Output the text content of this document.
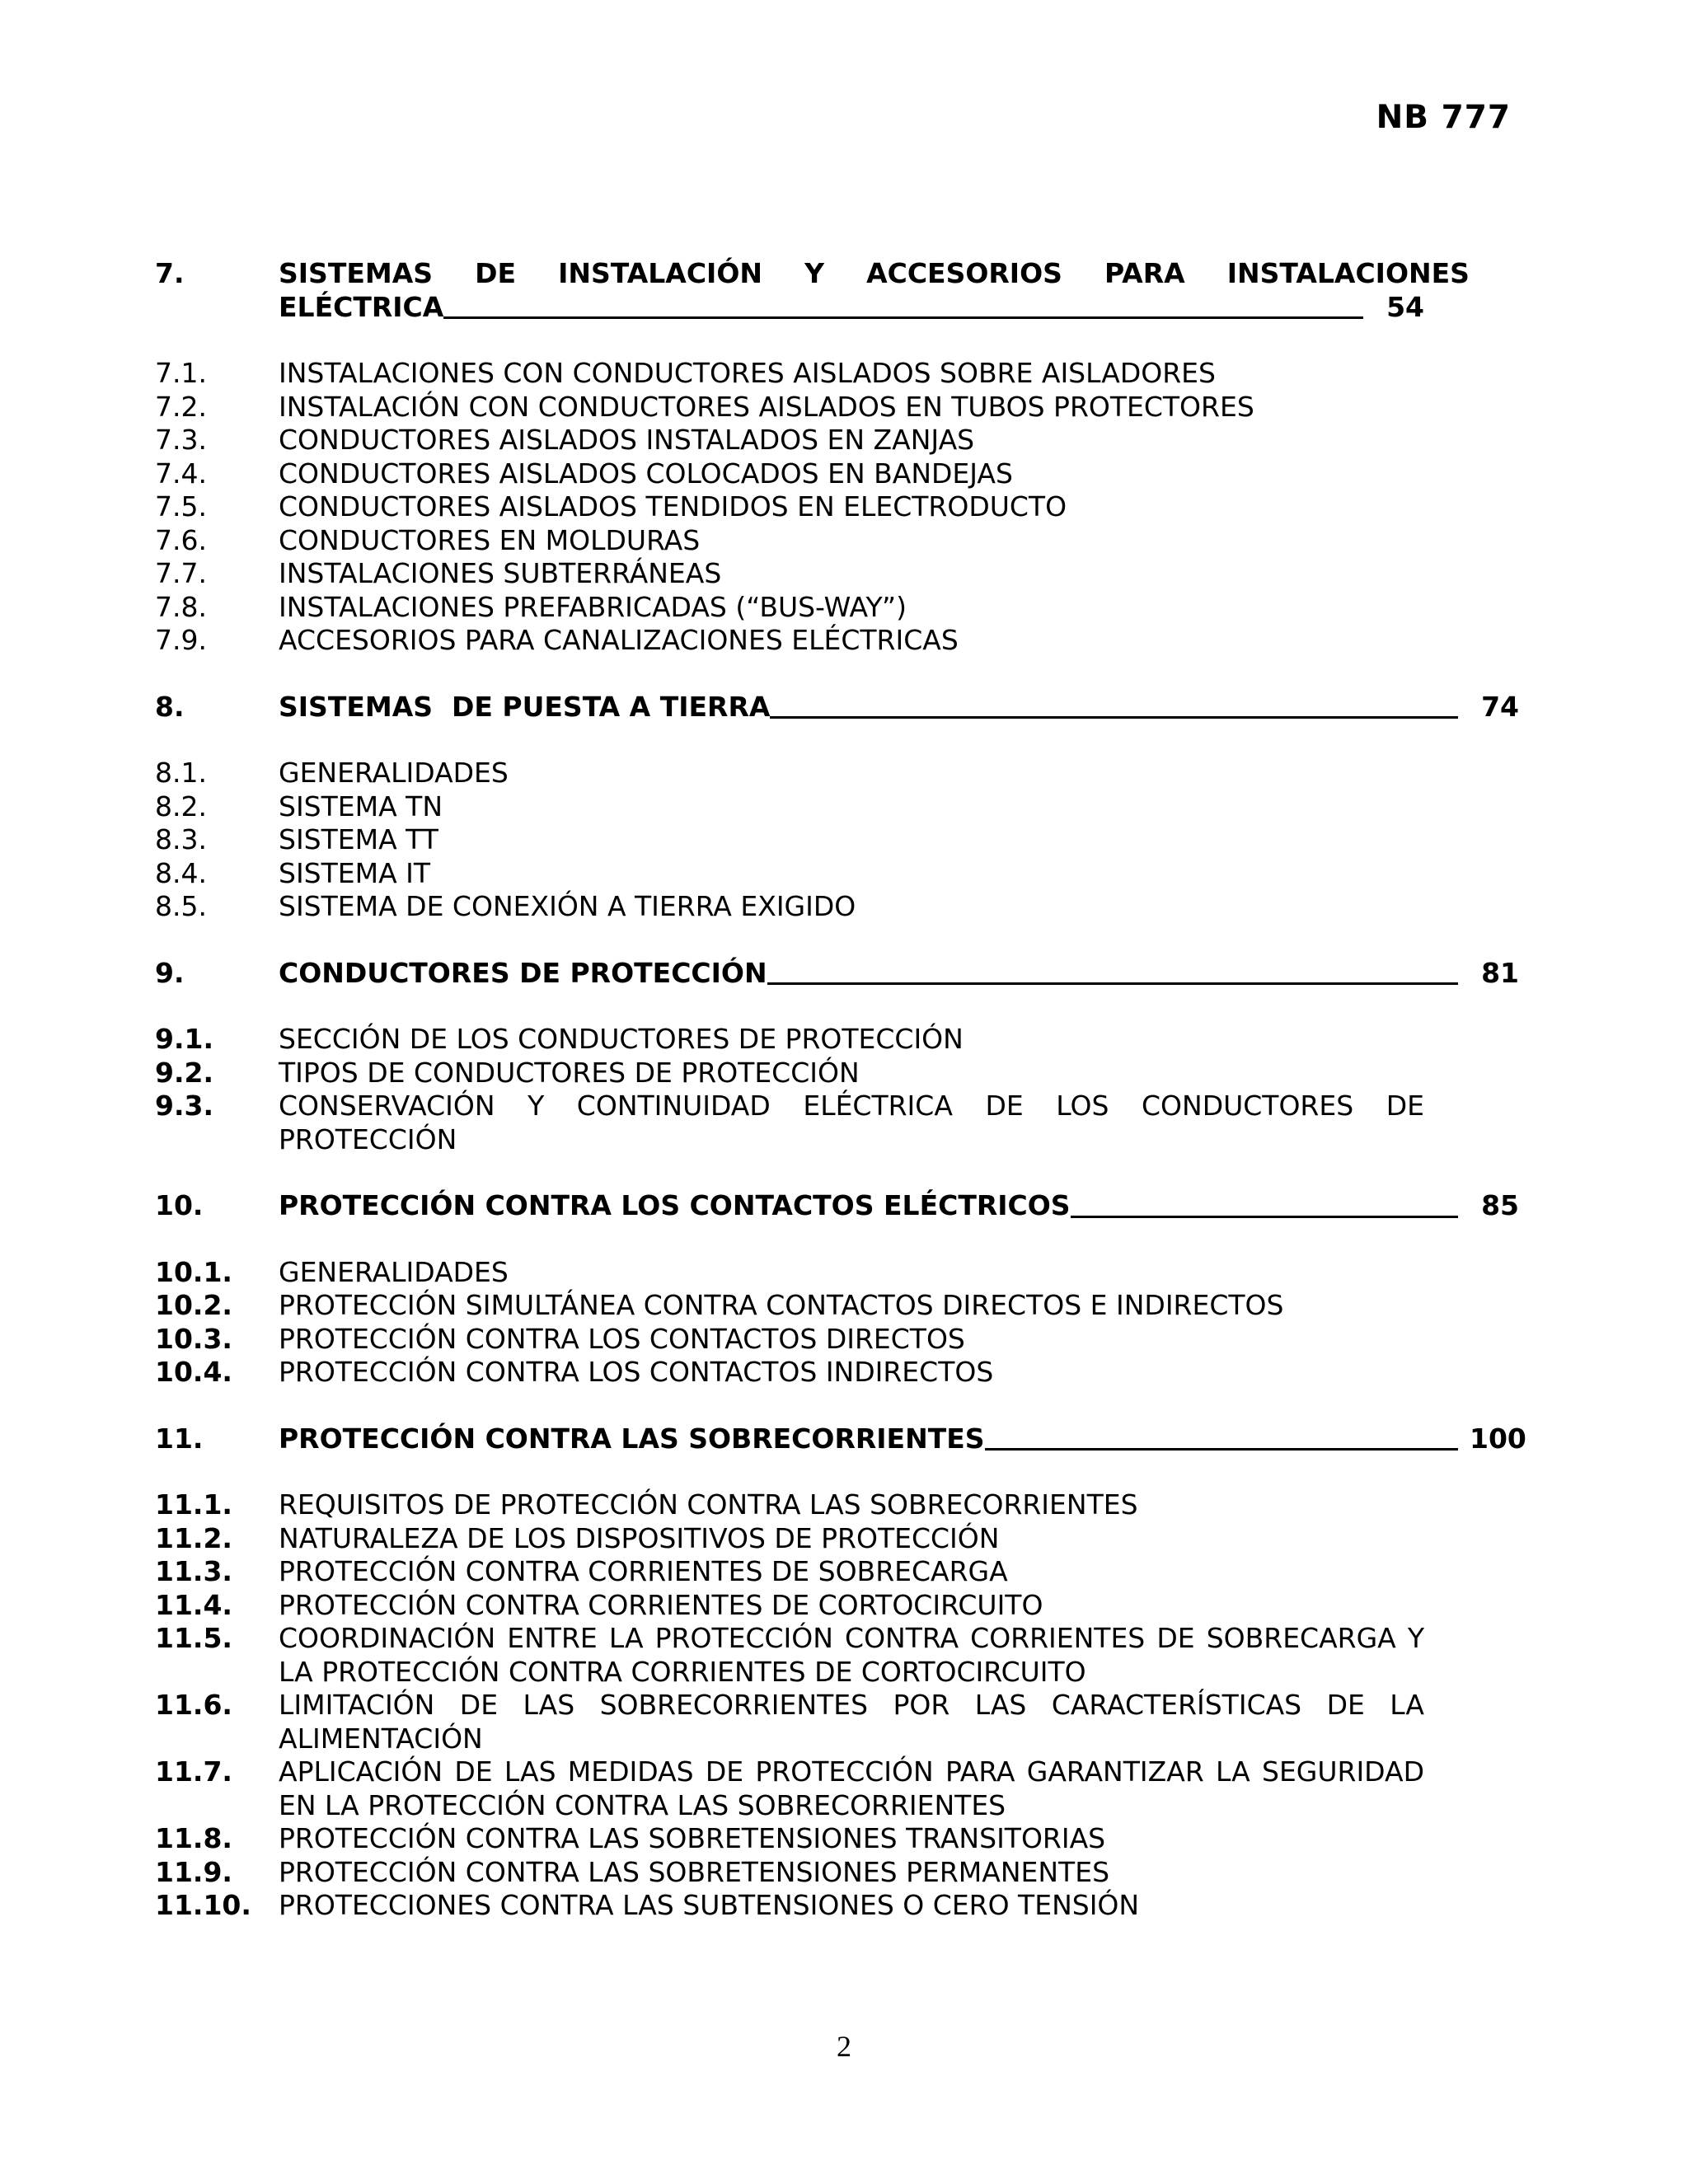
NB 777
7.	SISTEMAS DE INSTALACIÓN Y ACCESORIOS PARA INSTALACIONES
ELÉCTRICA	54
7.1.	INSTALACIONES CON CONDUCTORES AISLADOS SOBRE AISLADORES
7.2.	INSTALACIÓN CON CONDUCTORES AISLADOS EN TUBOS PROTECTORES
7.3.	CONDUCTORES AISLADOS INSTALADOS EN ZANJAS
7.4.	CONDUCTORES AISLADOS COLOCADOS EN BANDEJAS
7.5.	CONDUCTORES AISLADOS TENDIDOS EN ELECTRODUCTO
7.6.	CONDUCTORES EN MOLDURAS
7.7.	INSTALACIONES SUBTERRÁNEAS
7.8.	INSTALACIONES PREFABRICADAS (“BUS-WAY”)
7.9.	ACCESORIOS PARA CANALIZACIONES ELÉCTRICAS
8.	SISTEMAS  DE PUESTA A TIERRA	74
8.1.	GENERALIDADES
8.2.	SISTEMA TN
8.3.	SISTEMA TT
8.4.	SISTEMA IT
8.5.	SISTEMA DE CONEXIÓN A TIERRA EXIGIDO
9.	CONDUCTORES DE PROTECCIÓN	81
9.1.	SECCIÓN DE LOS CONDUCTORES DE PROTECCIÓN
9.2.	TIPOS DE CONDUCTORES DE PROTECCIÓN
9.3.	CONSERVACIÓN Y CONTINUIDAD ELÉCTRICA DE LOS CONDUCTORES DE PROTECCIÓN
10.	PROTECCIÓN CONTRA LOS CONTACTOS ELÉCTRICOS	85
10.1.	GENERALIDADES
10.2.	PROTECCIÓN SIMULTÁNEA CONTRA CONTACTOS DIRECTOS E INDIRECTOS
10.3.	PROTECCIÓN CONTRA LOS CONTACTOS DIRECTOS
10.4.	PROTECCIÓN CONTRA LOS CONTACTOS INDIRECTOS
11.	PROTECCIÓN CONTRA LAS SOBRECORRIENTES	100
11.1.	REQUISITOS DE PROTECCIÓN CONTRA LAS SOBRECORRIENTES
11.2.	NATURALEZA DE LOS DISPOSITIVOS DE PROTECCIÓN
11.3.	PROTECCIÓN CONTRA CORRIENTES DE SOBRECARGA
11.4.	PROTECCIÓN CONTRA CORRIENTES DE CORTOCIRCUITO
11.5.	COORDINACIÓN ENTRE LA PROTECCIÓN CONTRA CORRIENTES DE SOBRECARGA Y LA PROTECCIÓN CONTRA CORRIENTES DE CORTOCIRCUITO
11.6.	LIMITACIÓN DE LAS SOBRECORRIENTES POR LAS CARACTERÍSTICAS DE LA ALIMENTACIÓN
11.7.	APLICACIÓN DE LAS MEDIDAS DE PROTECCIÓN PARA GARANTIZAR LA SEGURIDAD EN LA PROTECCIÓN CONTRA LAS SOBRECORRIENTES
11.8.	PROTECCIÓN CONTRA LAS SOBRETENSIONES TRANSITORIAS
11.9.	PROTECCIÓN CONTRA LAS SOBRETENSIONES PERMANENTES
11.10.	PROTECCIONES CONTRA LAS SUBTENSIONES O CERO TENSIÓN
2
